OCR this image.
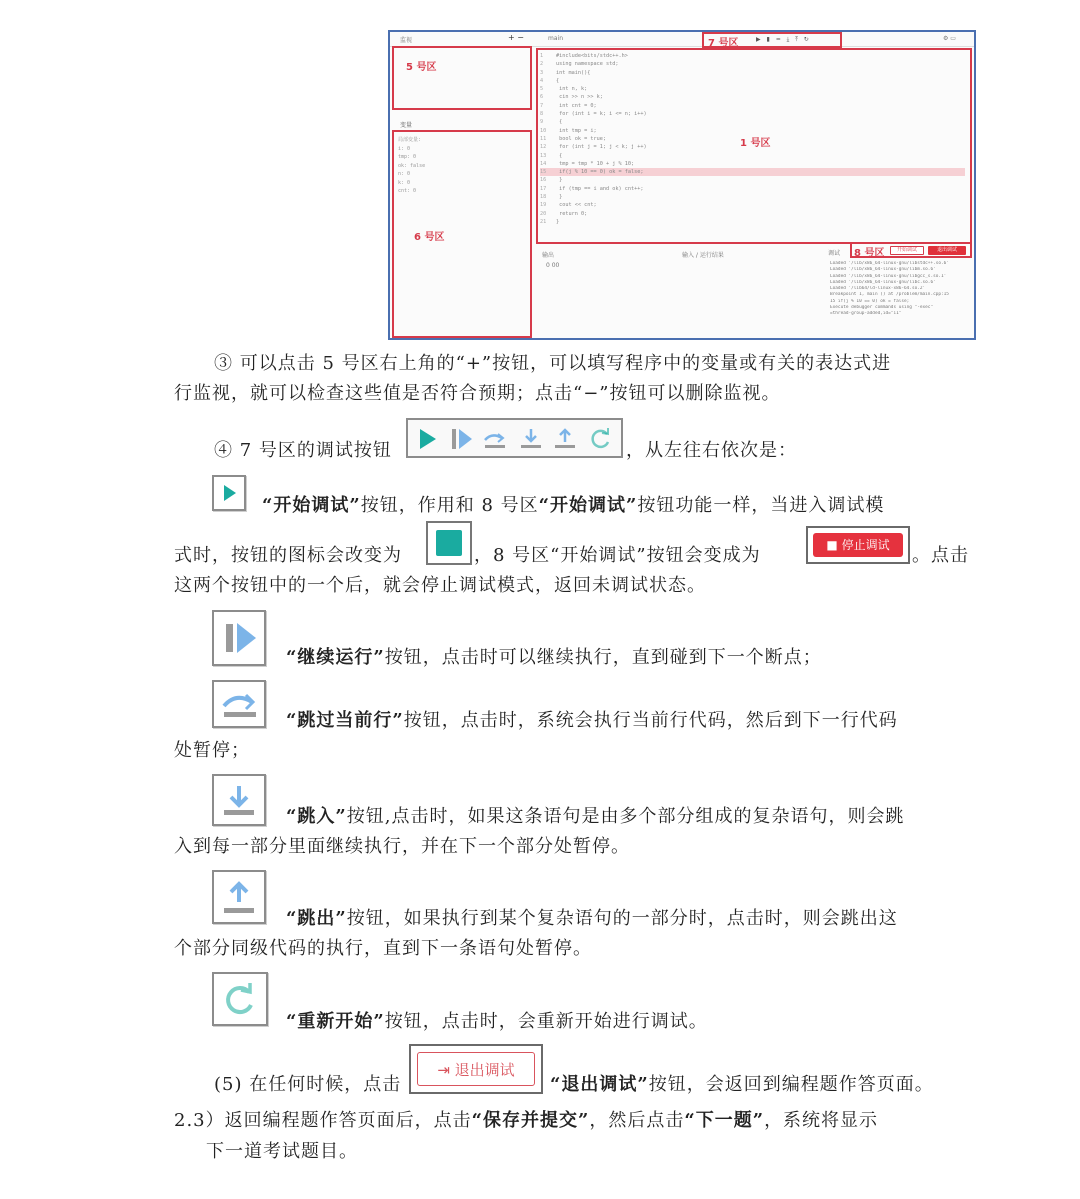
监视	+ −	main	⚙ ▭
5 号区
变量
局部变量:
i: 0
tmp: 0
ok: false
n: 0
k: 0
cnt: 0
6 号区
7 号区	▶ ▮ ≃ ⤓ ⤒ ↻
1 #include<bits/stdc++.h>
2 using namespace std;
3 int main(){
4 {
5 int n, k;
6 cin >> n >> k;
7 int cnt = 0;
8 for (int i = k; i <= n; i++)
9 {
10 int tmp = i;
11 bool ok = true;
12 for (int j = 1; j < k; j ++)
13 {
14 tmp = tmp * 10 + j % 10;
15 if(j % 10 == 0) ok = false;
16 }
17 if (tmp == i and ok) cnt++;
18 }
19 cout << cnt;
20 return 0;
21 }
1 号区
输出	输入 / 运行结果
0 00
调试 8 号区	开始调试	退出调试
Loaded '/lib/x86_64-linux-gnu/libstdc++.so.6'
Loaded '/lib/x86_64-linux-gnu/libm.so.6'
Loaded '/lib/x86_64-linux-gnu/libgcc_s.so.1'
Loaded '/lib/x86_64-linux-gnu/libc.so.6'
Loaded '/lib64/ld-linux-x86-64.so.2'
Breakpoint 1, main () at /problem/main.cpp:15
15 if(j % 10 == 0) ok = false;
Execute debugger commands using "-exec"
=thread-group-added,id="i1"
③ 可以点击 5 号区右上角的“+”按钮，可以填写程序中的变量或有关的表达式进
行监视，就可以检查这些值是否符合预期；点击“−”按钮可以删除监视。
④ 7 号区的调试按钮	，从左往右依次是：
“开始调试”按钮，作用和 8 号区“开始调试”按钮功能一样，当进入调试模
式时，按钮的图标会改变为	，8 号区“开始调试”按钮会变成为	■ 停止调试	。点击
这两个按钮中的一个后，就会停止调试模式，返回未调试状态。
“继续运行”按钮，点击时可以继续执行，直到碰到下一个断点；
“跳过当前行”按钮，点击时，系统会执行当前行代码，然后到下一行代码
处暂停；
“跳入”按钮,点击时，如果这条语句是由多个部分组成的复杂语句，则会跳
入到每一部分里面继续执行，并在下一个部分处暂停。
“跳出”按钮，如果执行到某个复杂语句的一部分时，点击时，则会跳出这
个部分同级代码的执行，直到下一条语句处暂停。
“重新开始”按钮，点击时，会重新开始进行调试。
(5) 在任何时候，点击
⇥ 退出调试
“退出调试”按钮，会返回到编程题作答页面。
2.3）返回编程题作答页面后，点击“保存并提交”，然后点击“下一题”，系统将显示
下一道考试题目。
